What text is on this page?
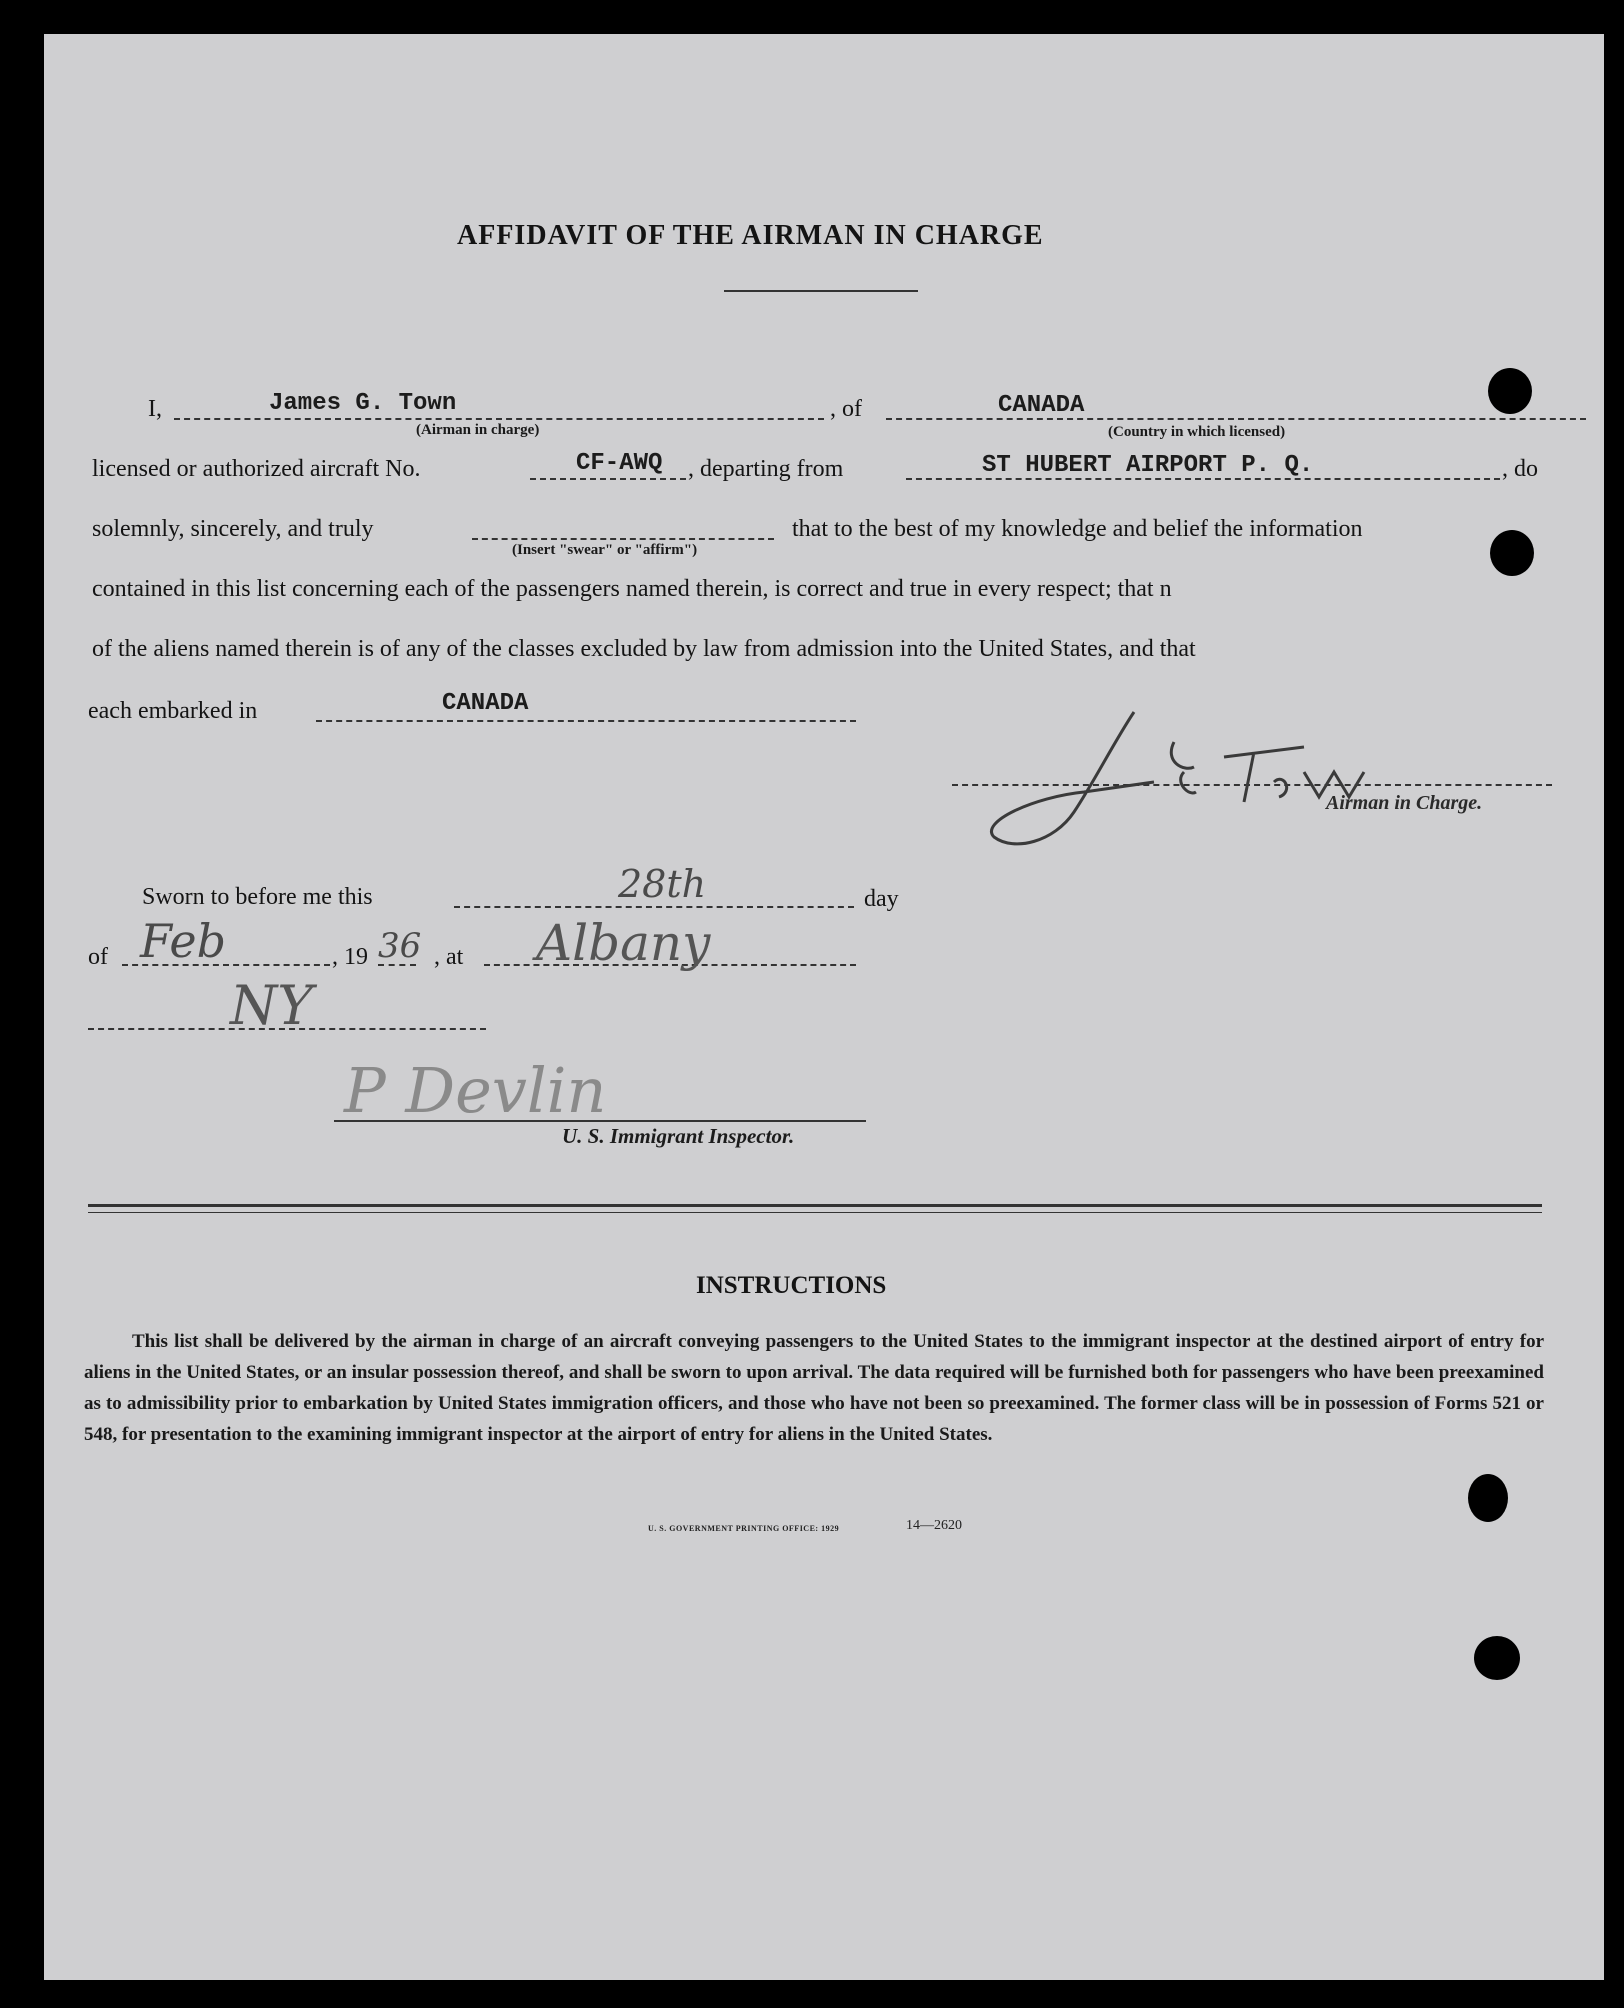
AFFIDAVIT OF THE AIRMAN IN CHARGE
I,	James G. Town
(Airman in charge)
, of	CANADA
(Country in which licensed)
licensed or authorized aircraft No.	CF-AWQ , departing from	ST HUBERT AIRPORT P. Q.	, do
solemnly, sincerely, and truly
(Insert "swear" or "affirm")
that to the best of my knowledge and belief the information
contained in this list concerning each of the passengers named therein, is correct and true in every respect; that n
of the aliens named therein is of any of the classes excluded by law from admission into the United States, and that
each embarked in	CANADA
Airman in Charge.
Sworn to before me this	28th	day
of Feb	, 19 36 , at Albany
NY
P Devlin
U. S. Immigrant Inspector.
INSTRUCTIONS
This list shall be delivered by the airman in charge of an aircraft conveying passengers to the United States to the immigrant inspector at the destined airport of entry for aliens in the United States, or an insular possession thereof, and shall be sworn to upon arrival. The data required will be furnished both for passengers who have been preexamined as to admissibility prior to embarkation by United States immigration officers, and those who have not been so preexamined. The former class will be in possession of Forms 521 or 548, for presentation to the examining immigrant inspector at the airport of entry for aliens in the United States.
U. S. GOVERNMENT PRINTING OFFICE: 1929	14—2620
